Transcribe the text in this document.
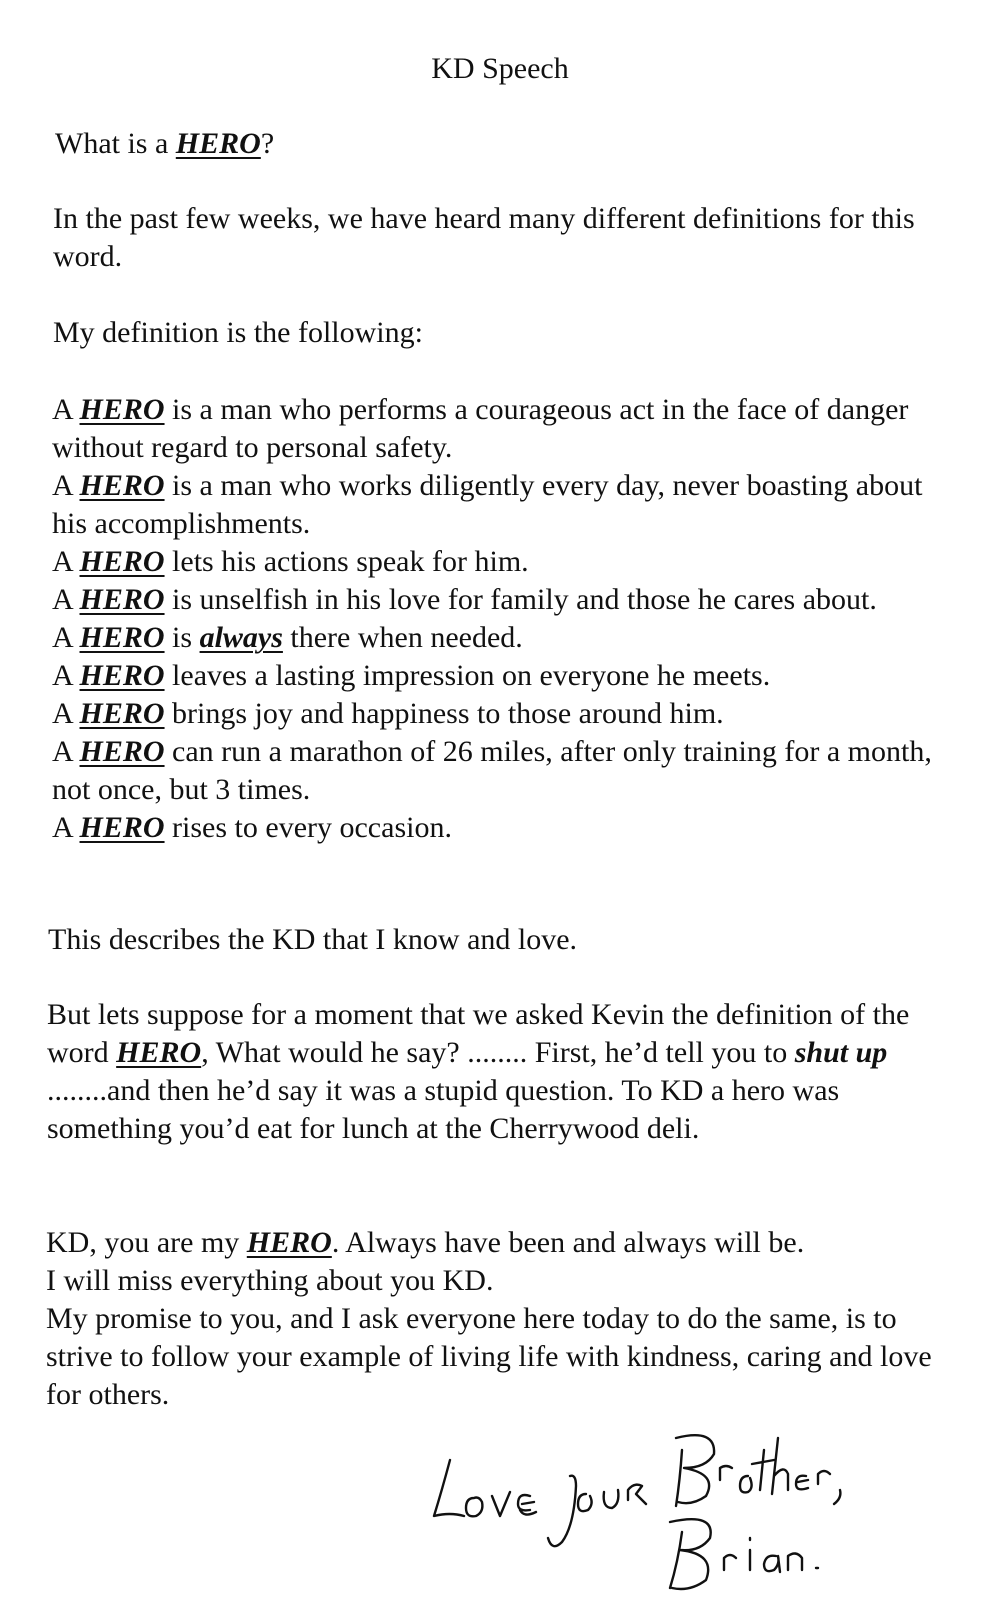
KD Speech

What is a HERO?

In the past few weeks, we have heard many different definitions for this word.

My definition is the following:

A HERO is a man who performs a courageous act in the face of danger without regard to personal safety.

A HERO is a man who works diligently every day, never boasting about his accomplishments.

A HERO lets his actions speak for him.

A HERO is unselfish in his love for family and those he cares about.

A HERO is always there when needed.

A HERO leaves a lasting impression on everyone he meets.

A HERO brings joy and happiness to those around him.

A HERO can run a marathon of 26 miles, after only training for a month, not once, but 3 times.

A HERO rises to every occasion.

This describes the KD that I know and love.

But lets suppose for a moment that we asked Kevin the definition of the word HERO, What would he say? ........ First, he’d tell you to shut up ........and then he’d say it was a stupid question. To KD a hero was something you’d eat for lunch at the Cherrywood deli.

KD, you are my HERO. Always have been and always will be.

I will miss everything about you KD.

My promise to you, and I ask everyone here today to do the same, is to strive to follow your example of living life with kindness, caring and love for others.
